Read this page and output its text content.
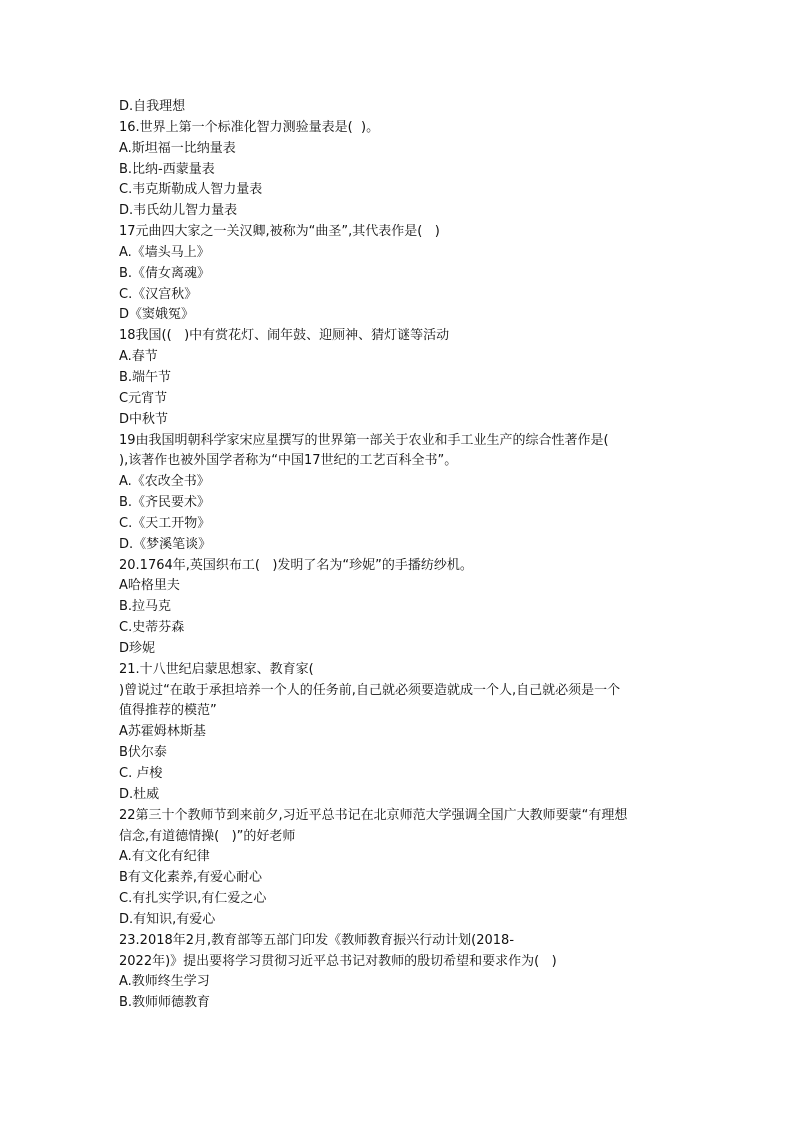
D.自我理想
16.世界上第一个标准化智力测验量表是(  )。
A.斯坦福一比纳量表
B.比纳-西蒙量表
C.韦克斯勒成人智力量表
D.韦氏幼儿智力量表
17元曲四大家之一关汉卿,被称为“曲圣”,其代表作是(   )
A.《墙头马上》
B.《倩女离魂》
C.《汉宫秋》
D《窦娥冤》
18我国((   )中有赏花灯、闹年鼓、迎厕神、猜灯谜等活动
A.春节
B.端午节
C元宵节
D中秋节
19由我国明朝科学家宋应星撰写的世界第一部关于农业和手工业生产的综合性著作是(
),该著作也被外国学者称为“中国17世纪的工艺百科全书”。
A.《农改全书》
B.《齐民要术》
C.《天工开物》
D.《梦溪笔谈》
20.1764年,英国织布工(   )发明了名为“珍妮”的手播纺纱机。
A哈格里夫
B.拉马克
C.史蒂芬森
D珍妮
21.十八世纪启蒙思想家、教育家(
)曾说过“在敢于承担培养一个人的任务前,自己就必须要造就成一个人,自己就必须是一个
值得推荐的模范”
A苏霍姆林斯基
B伏尔泰
C. 卢梭
D.杜威
22第三十个教师节到来前夕,习近平总书记在北京师范大学强调全国广大教师要蒙“有理想
信念,有道德情操(   )”的好老师
A.有文化有纪律
B有文化素养,有爱心耐心
C.有扎实学识,有仁爱之心
D.有知识,有爱心
23.2018年2月,教育部等五部门印发《教师教育振兴行动计划(2018-
2022年)》提出要将学习贯彻习近平总书记对教师的殷切希望和要求作为(   )
A.教师终生学习
B.教师师德教育
